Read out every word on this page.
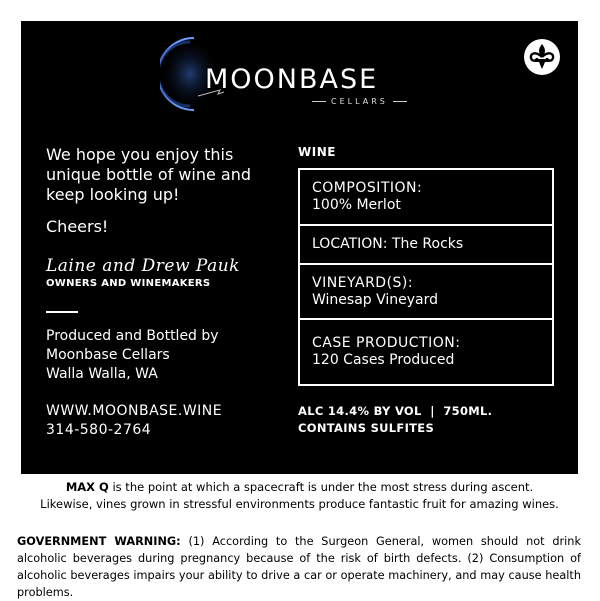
MOONBASE
CELLARS
We hope you enjoy this unique bottle of wine and keep looking up!
Cheers!
Laine and Drew Pauk
OWNERS AND WINEMAKERS
Produced and Bottled by
Moonbase Cellars
Walla Walla, WA
WWW.MOONBASE.WINE
314-580-2764
WINE
COMPOSITION:
100% Merlot
LOCATION: The Rocks
VINEYARD(S):
Winesap Vineyard
CASE PRODUCTION:
120 Cases Produced
ALC 14.4% BY VOL  |  750ML.
CONTAINS SULFITES
MAX Q is the point at which a spacecraft is under the most stress during ascent.
Likewise, vines grown in stressful environments produce fantastic fruit for amazing wines.
GOVERNMENT WARNING: (1) According to the Surgeon General, women should not drink alcoholic beverages during pregnancy because of the risk of birth defects. (2) Consumption of alcoholic beverages impairs your ability to drive a car or operate machinery, and may cause health problems.
